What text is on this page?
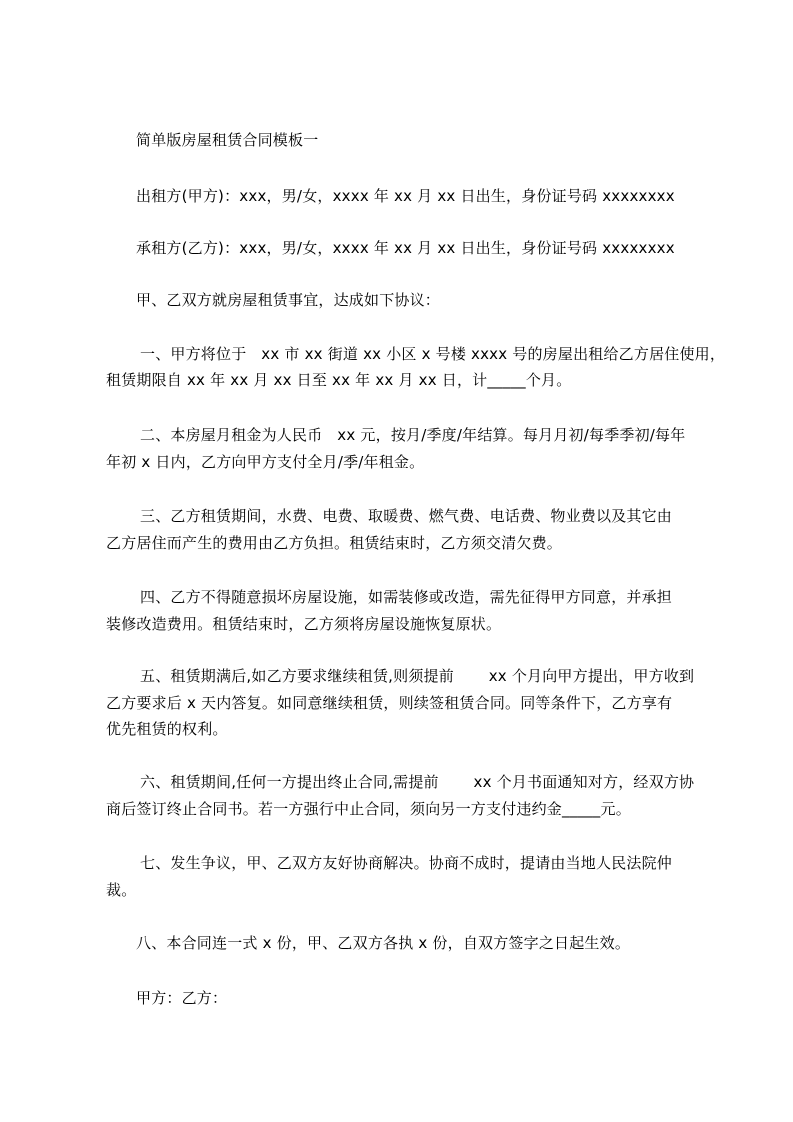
简单版房屋租赁合同模板一
出租方(甲方)：xxx，男/女，xxxx 年 xx 月 xx 日出生，身份证号码 xxxxxxxx
承租方(乙方)：xxx，男/女，xxxx 年 xx 月 xx 日出生，身份证号码 xxxxxxxx
甲、乙双方就房屋租赁事宜，达成如下协议：
一、甲方将位于   xx 市 xx 街道 xx 小区 x 号楼 xxxx 号的房屋出租给乙方居住使用，
租赁期限自 xx 年 xx 月 xx 日至 xx 年 xx 月 xx 日，计_____个月。
二、本房屋月租金为人民币   xx 元，按月/季度/年结算。每月月初/每季季初/每年
年初 x 日内，乙方向甲方支付全月/季/年租金。
三、乙方租赁期间，水费、电费、取暖费、燃气费、电话费、物业费以及其它由
乙方居住而产生的费用由乙方负担。租赁结束时，乙方须交清欠费。
四、乙方不得随意损坏房屋设施，如需装修或改造，需先征得甲方同意，并承担
装修改造费用。租赁结束时，乙方须将房屋设施恢复原状。
五、租赁期满后,如乙方要求继续租赁,则须提前       xx 个月向甲方提出，甲方收到
乙方要求后 x 天内答复。如同意继续租赁，则续签租赁合同。同等条件下，乙方享有
优先租赁的权利。
六、租赁期间,任何一方提出终止合同,需提前       xx 个月书面通知对方，经双方协
商后签订终止合同书。若一方强行中止合同，须向另一方支付违约金_____元。
七、发生争议，甲、乙双方友好协商解决。协商不成时，提请由当地人民法院仲
裁。
八、本合同连一式 x 份，甲、乙双方各执 x 份，自双方签字之日起生效。
甲方：乙方：
